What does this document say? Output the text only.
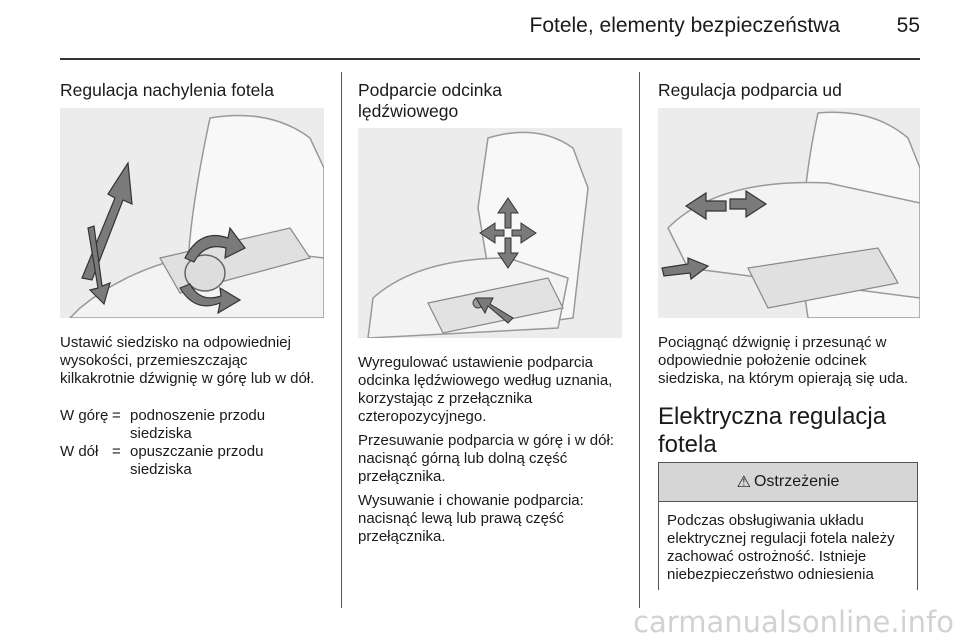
Fotele, elementy bezpieczeństwa	55
Regulacja nachylenia fotela

Ustawić siedzisko na odpowiedniej wysokości, przemieszczając kilkakrotnie dźwignię w górę lub w dół.

W górę = podnoszenie przodu siedziska
W dół = opuszczanie przodu siedziska
Podparcie odcinka lędźwiowego

Wyregulować ustawienie podparcia odcinka lędźwiowego według uznania, korzystając z przełącznika czteropozycyjnego.

Przesuwanie podparcia w górę i w dół: nacisnąć górną lub dolną część przełącznika.

Wysuwanie i chowanie podparcia: nacisnąć lewą lub prawą część przełącznika.

Regulacja podparcia ud

Pociągnąć dźwignię i przesunąć w odpowiednie położenie odcinek siedziska, na którym opierają się uda.

Elektryczna regulacja fotela
⚠ Ostrzeżenie
Podczas obsługiwania układu elektrycznej regulacji fotela należy zachować ostrożność. Istnieje niebezpieczeństwo odniesienia
carmanualsonline.info
